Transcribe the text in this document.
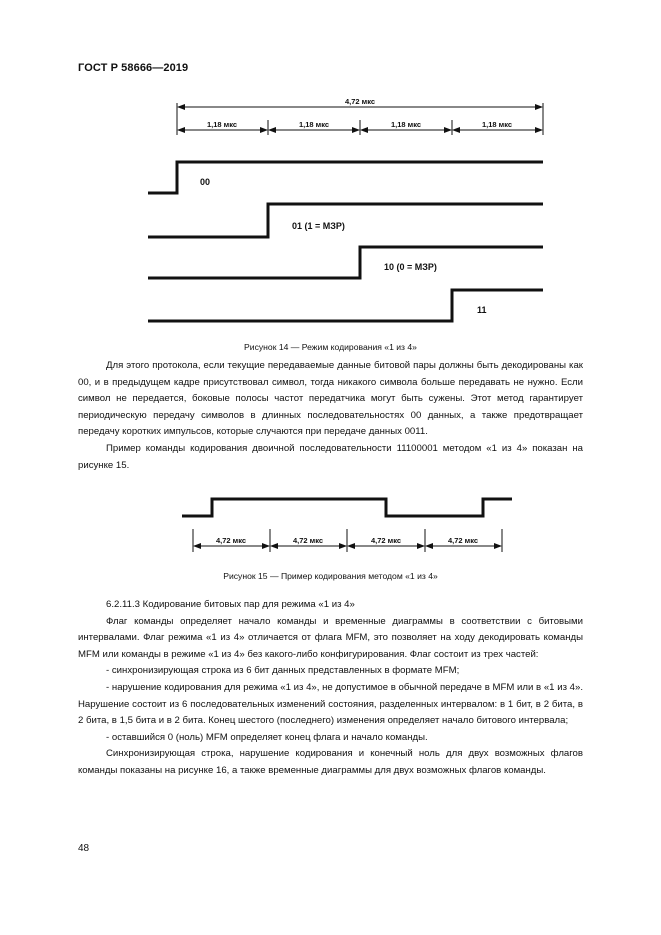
ГОСТ Р 58666—2019
4,72 мкс
1,18 мкс	1,18 мкс	1,18 мкс	1,18 мкс
00
01 (1 = МЗР)
10 (0 = МЗР)
11
Рисунок 14 — Режим кодирования «1 из 4»

Для этого протокола, если текущие передаваемые данные битовой пары должны быть декодированы как 00, и в предыдущем кадре присутствовал символ, тогда никакого символа больше передавать не нужно. Если символ не передается, боковые полосы частот передатчика могут быть сужены. Этот метод гарантирует периодическую передачу символов в длинных последовательностях 00 данных, а также предотвращает передачу коротких импульсов, которые случаются при передаче данных 0011.

Пример команды кодирования двоичной последовательности 11100001 методом «1 из 4» показан на рисунке 15.

4,72 мкс	4,72 мкс	4,72 мкс	4,72 мкс
Рисунок 15 — Пример кодирования методом «1 из 4»

6.2.11.3 Кодирование битовых пар для режима «1 из 4»

Флаг команды определяет начало команды и временные диаграммы в соответствии с битовыми интервалами. Флаг режима «1 из 4» отличается от флага MFM, это позволяет на ходу декодировать команды MFM или команды в режиме «1 из 4» без какого-либо конфигурирования. Флаг состоит из трех частей:

- синхронизирующая строка из 6 бит данных представленных в формате MFM;

- нарушение кодирования для режима «1 из 4», не допустимое в обычной передаче в MFM или в «1 из 4». Нарушение состоит из 6 последовательных изменений состояния, разделенных интервалом: в 1 бит, в 2 бита, в 2 бита, в 1,5 бита и в 2 бита. Конец шестого (последнего) изменения определяет начало битового интервала;

- оставшийся 0 (ноль) MFM определяет конец флага и начало команды.

Синхронизирующая строка, нарушение кодирования и конечный ноль для двух возможных флагов команды показаны на рисунке 16, а также временные диаграммы для двух возможных флагов команды.

48
